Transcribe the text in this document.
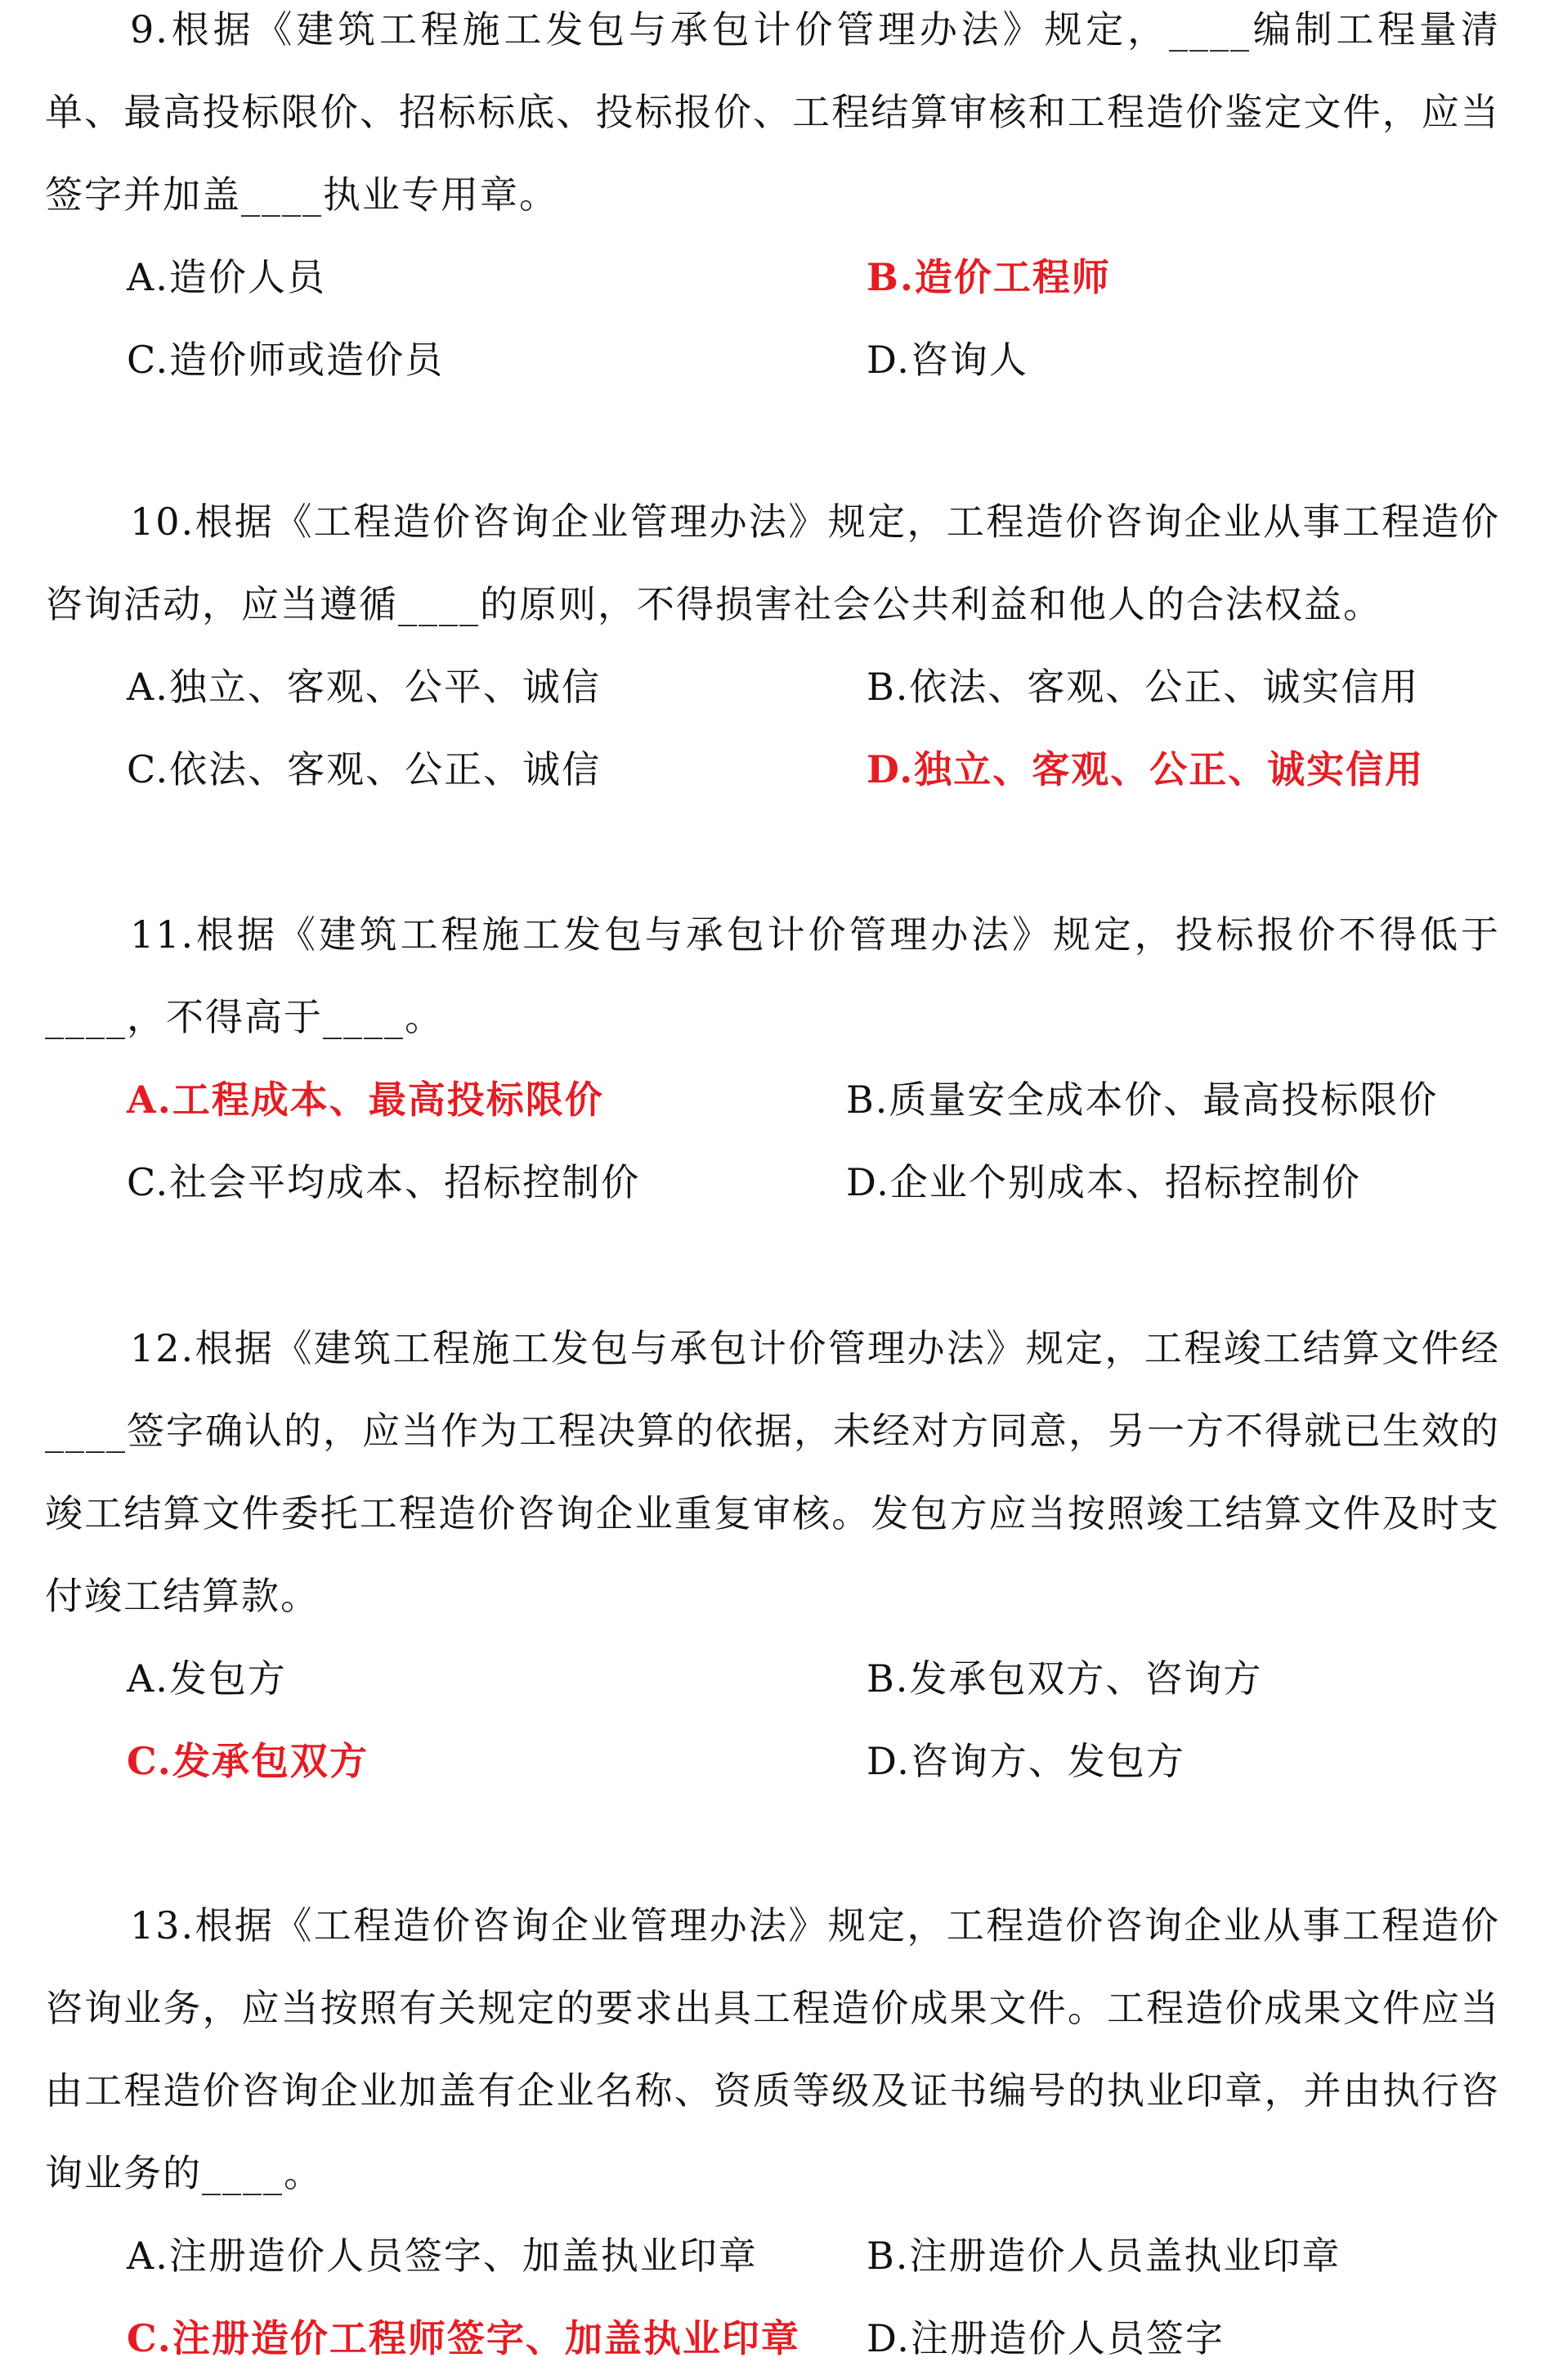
9.根据《建筑工程施工发包与承包计价管理办法》规定，____编制工程量清单、最高投标限价、招标标底、投标报价、工程结算审核和工程造价鉴定文件，应当签字并加盖____执业专用章。

A.造价人员	B.造价工程师
C.造价师或造价员	D.咨询人

10.根据《工程造价咨询企业管理办法》规定，工程造价咨询企业从事工程造价咨询活动，应当遵循____的原则，不得损害社会公共利益和他人的合法权益。

A.独立、客观、公平、诚信	B.依法、客观、公正、诚实信用
C.依法、客观、公正、诚信	D.独立、客观、公正、诚实信用

11.根据《建筑工程施工发包与承包计价管理办法》规定，投标报价不得低于____，不得高于____。

A.工程成本、最高投标限价	B.质量安全成本价、最高投标限价
C.社会平均成本、招标控制价	D.企业个别成本、招标控制价

12.根据《建筑工程施工发包与承包计价管理办法》规定，工程竣工结算文件经____签字确认的，应当作为工程决算的依据，未经对方同意，另一方不得就已生效的竣工结算文件委托工程造价咨询企业重复审核。发包方应当按照竣工结算文件及时支付竣工结算款。

A.发包方	B.发承包双方、咨询方
C.发承包双方	D.咨询方、发包方

13.根据《工程造价咨询企业管理办法》规定，工程造价咨询企业从事工程造价咨询业务，应当按照有关规定的要求出具工程造价成果文件。工程造价成果文件应当由工程造价咨询企业加盖有企业名称、资质等级及证书编号的执业印章，并由执行咨询业务的____。

A.注册造价人员签字、加盖执业印章	B.注册造价人员盖执业印章
C.注册造价工程师签字、加盖执业印章 D.注册造价人员签字
